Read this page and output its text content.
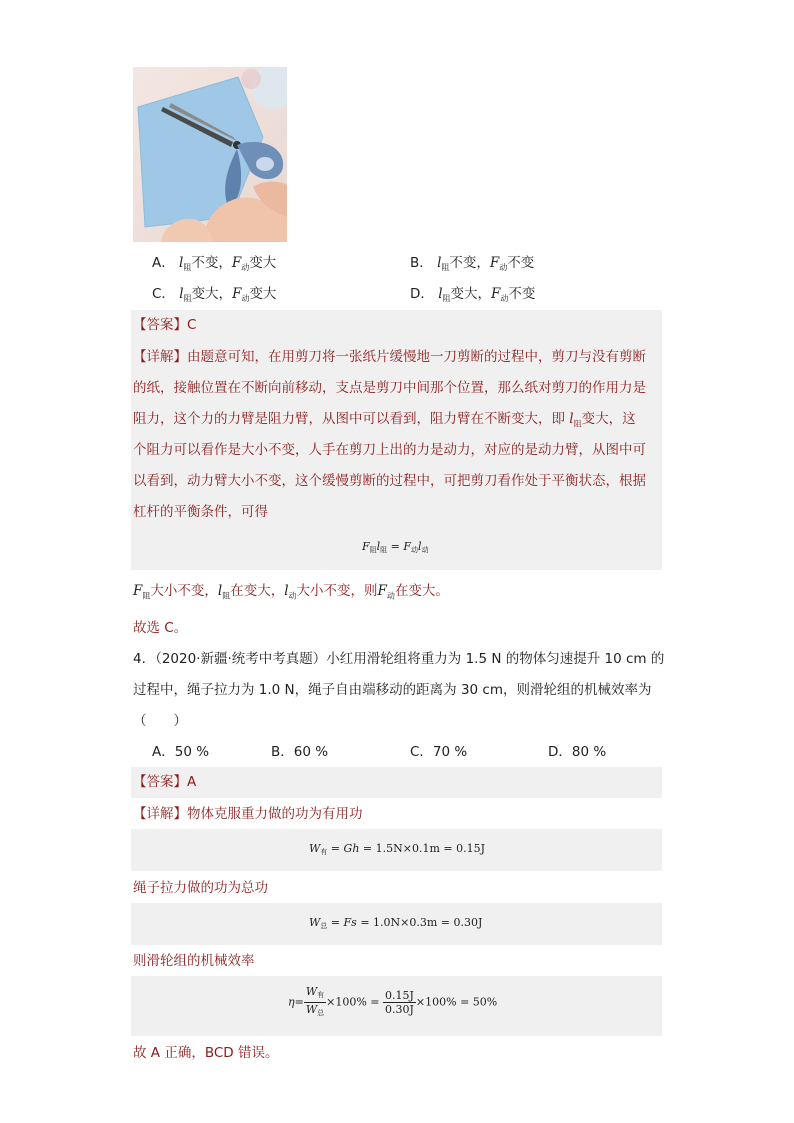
A． $l_阻$不变，$F_动$变大	B． $l_阻$不变，$F_动$不变
C． $l_阻$变大，$F_动$变大	D． $l_阻$变大，$F_动$不变
【答案】C
【详解】由题意可知，在用剪刀将一张纸片缓慢地一刀剪断的过程中，剪刀与没有剪断
的纸，接触位置在不断向前移动，支点是剪刀中间那个位置，那么纸对剪刀的作用力是
阻力，这个力的力臂是阻力臂，从图中可以看到，阻力臂在不断变大，即 $l_阻$变大，这
个阻力可以看作是大小不变，人手在剪刀上出的力是动力，对应的是动力臂，从图中可
以看到，动力臂大小不变，这个缓慢剪断的过程中，可把剪刀看作处于平衡状态，根据
杠杆的平衡条件，可得
$F_阻l_阻 = F_动l_动$
$F_阻$大小不变，$l_阻$在变大，$l_动$大小不变，则$F_动$在变大。
故选 C。
4．（2020·新疆·统考中考真题）小红用滑轮组将重力为 1.5 N 的物体匀速提升 10 cm 的
过程中，绳子拉力为 1.0 N，绳子自由端移动的距离为 30 cm，则滑轮组的机械效率为
（　　）
A．50 %	B．60 %	C．70 %	D．80 %
【答案】A
【详解】物体克服重力做的功为有用功
$W_有 = Gh = 1.5N\times 0.1m = 0.15J$
绳子拉力做的功为总功
$W_总 = Fs = 1.0N\times 0.3m = 0.30J$
则滑轮组的机械效率
$\eta= \frac{W_有}{W_总} \times 100\% = \frac{0.15J}{0.30J} \times 100\% = 50\%$
故 A 正确，BCD 错误。
